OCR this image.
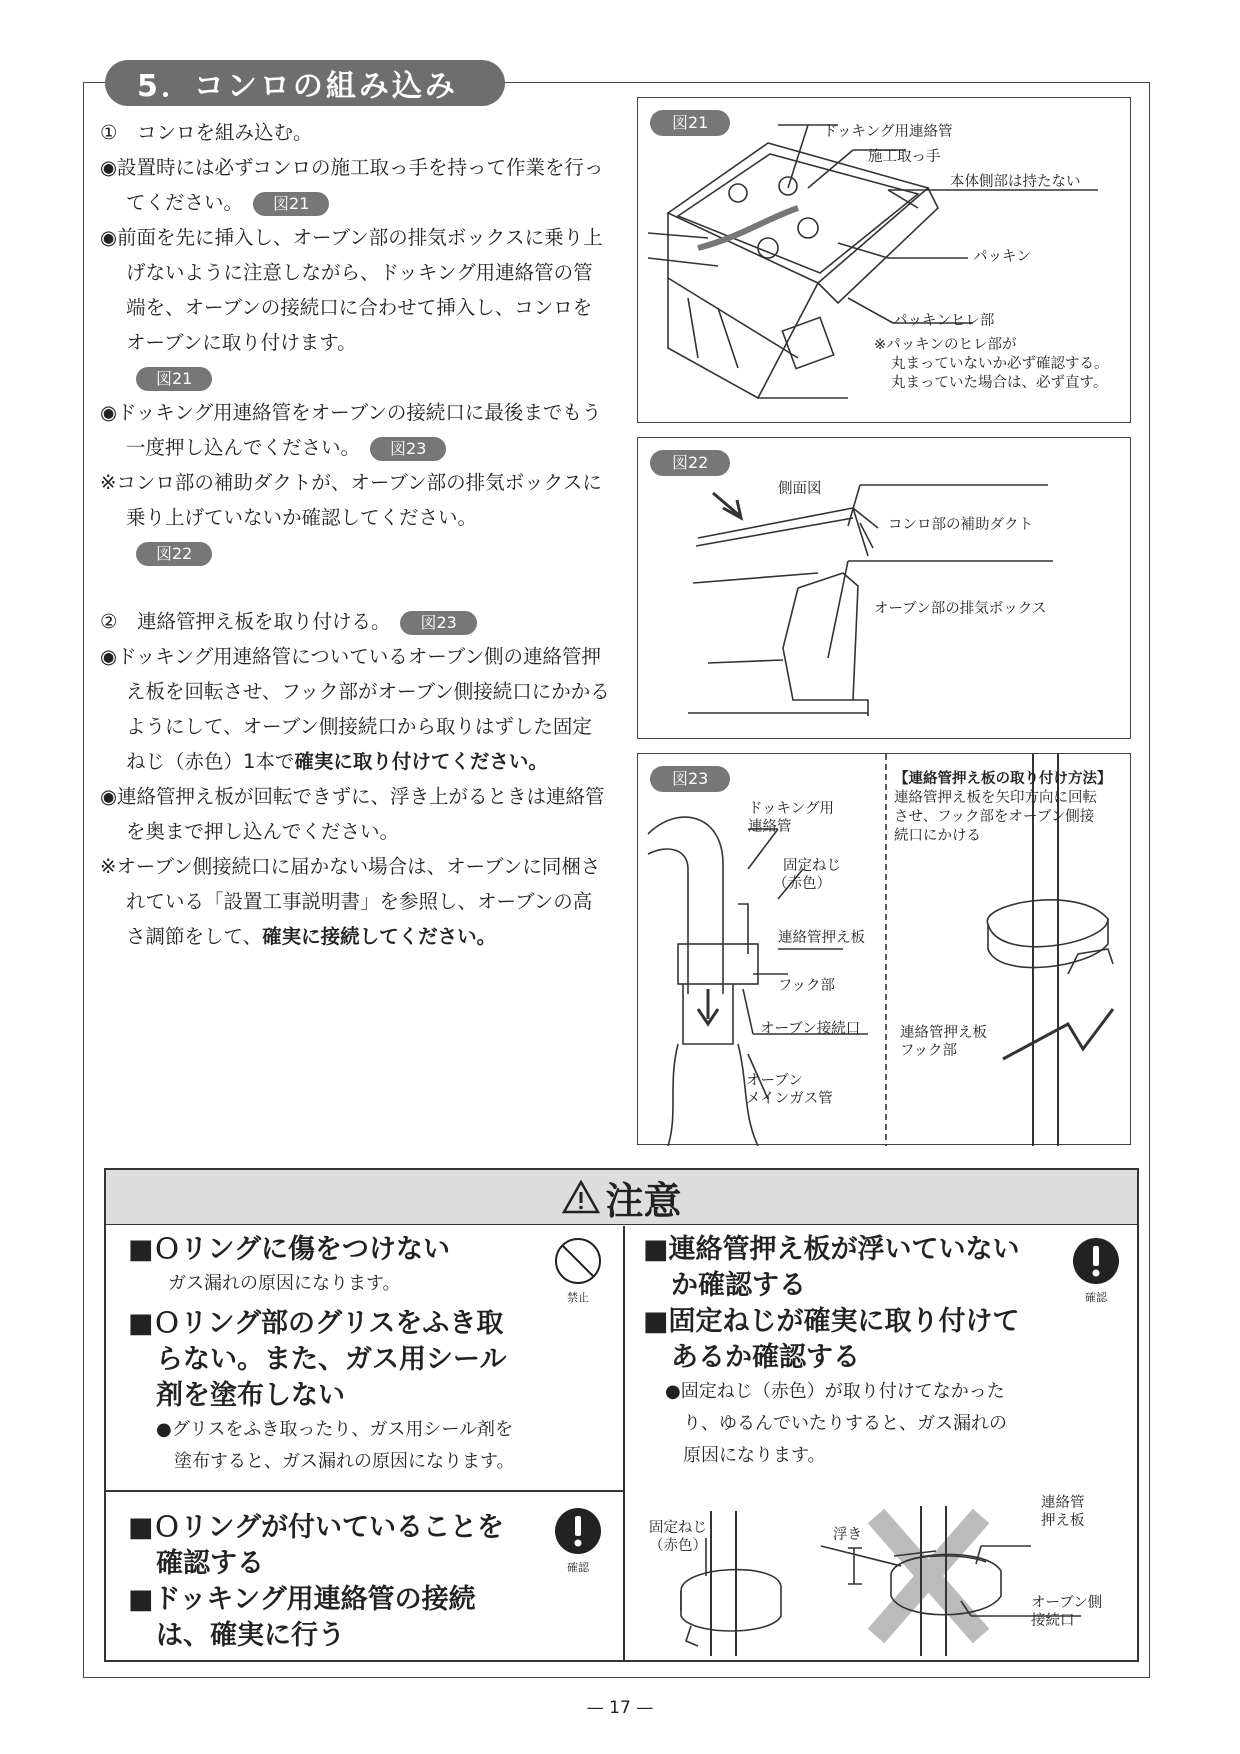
5．コンロの組み込み

①　コンロを組み込む。

◉設置時には必ずコンロの施工取っ手を持って作業を行ってください。 図21

◉前面を先に挿入し、オーブン部の排気ボックスに乗り上げないように注意しながら、ドッキング用連絡管の管端を、オーブンの接続口に合わせて挿入し、コンロをオーブンに取り付けます。

図21

◉ドッキング用連絡管をオーブンの接続口に最後までもう一度押し込んでください。 図23

※コンロ部の補助ダクトが、オーブン部の排気ボックスに乗り上げていないか確認してください。

図22

②　連絡管押え板を取り付ける。 図23

◉ドッキング用連絡管についているオーブン側の連絡管押え板を回転させ、フック部がオーブン側接続口にかかるようにして、オーブン側接続口から取りはずした固定ねじ（赤色）1本で確実に取り付けてください。

◉連絡管押え板が回転できずに、浮き上がるときは連絡管を奥まで押し込んでください。

※オーブン側接続口に届かない場合は、オーブンに同梱されている「設置工事説明書」を参照し、オーブンの高さ調節をして、確実に接続してください。

図21	ドッキング用連絡管
施工取っ手
本体側部は持たない
パッキン
パッキンヒレ部
※パッキンのヒレ部が
丸まっていないか必ず確認する。
丸まっていた場合は、必ず直す。
図22
側面図
コンロ部の補助ダクト
オーブン部の排気ボックス
図23
ドッキング用
連絡管
固定ねじ
（赤色）
連絡管押え板
フック部
オーブン接続口
オーブン
メインガス管
【連絡管押え板の取り付け方法】
連絡管押え板を矢印方向に回転
させ、フック部をオーブン側接
続口にかける
連絡管押え板
フック部
注意

■Ｏリングに傷をつけない

ガス漏れの原因になります。

■Ｏリング部のグリスをふき取

らない。また、ガス用シール

剤を塗布しない

●グリスをふき取ったり、ガス用シール剤を

塗布すると、ガス漏れの原因になります。

禁止

■Ｏリングが付いていることを

確認する

■ドッキング用連絡管の接続

は、確実に行う

確認

■連絡管押え板が浮いていない

か確認する

■固定ねじが確実に取り付けて

あるか確認する

●固定ねじ（赤色）が取り付けてなかった

り、ゆるんでいたりすると、ガス漏れの

原因になります。

確認
固定ねじ
（赤色）
浮き
連絡管
押え板
オーブン側
接続口
— 17 —
